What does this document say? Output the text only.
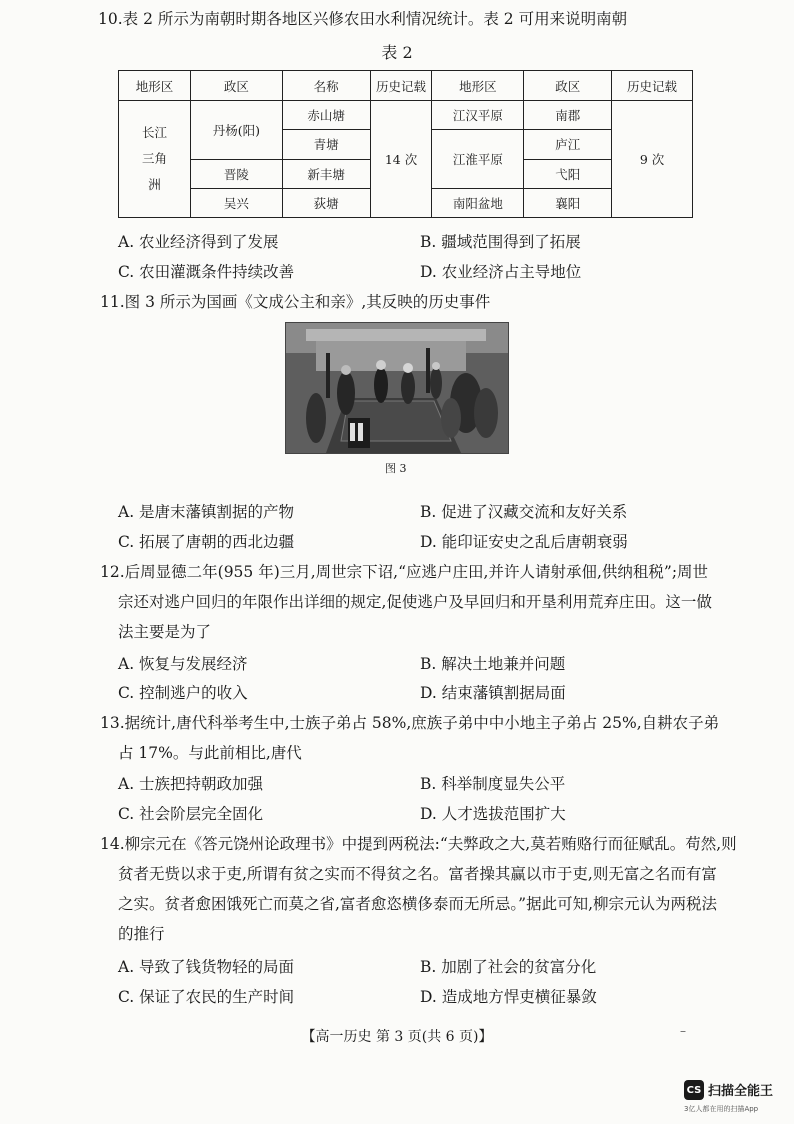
10.表 2 所示为南朝时期各地区兴修农田水利情况统计。表 2 可用来说明南朝
表 2
地形区	政区	名称	历史记载	地形区	政区	历史记载
长江三角洲	丹杨(阳)	赤山塘	14 次	江汉平原	南郡	9 次
		青塘		江淮平原	庐江	
	晋陵	新丰塘			弋阳	
	吴兴	荻塘		南阳盆地	襄阳	
A. 农业经济得到了发展	B. 疆域范围得到了拓展
C. 农田灌溉条件持续改善	D. 农业经济占主导地位
11.图 3 所示为国画《文成公主和亲》,其反映的历史事件
图 3
A. 是唐末藩镇割据的产物	B. 促进了汉藏交流和友好关系
C. 拓展了唐朝的西北边疆	D. 能印证安史之乱后唐朝衰弱
12.后周显德二年(955 年)三月,周世宗下诏,“应逃户庄田,并许人请射承佃,供纳租税”;周世
宗还对逃户回归的年限作出详细的规定,促使逃户及早回归和开垦利用荒弃庄田。这一做
法主要是为了
A. 恢复与发展经济	B. 解决土地兼并问题
C. 控制逃户的收入	D. 结束藩镇割据局面
13.据统计,唐代科举考生中,士族子弟占 58%,庶族子弟中中小地主子弟占 25%,自耕农子弟
占 17%。与此前相比,唐代
A. 士族把持朝政加强	B. 科举制度显失公平
C. 社会阶层完全固化	D. 人才选拔范围扩大
14.柳宗元在《答元饶州论政理书》中提到两税法:“夫弊政之大,莫若贿赂行而征赋乱。苟然,则
贫者无赀以求于吏,所谓有贫之实而不得贫之名。富者操其赢以市于吏,则无富之名而有富
之实。贫者愈困饿死亡而莫之省,富者愈恣横侈泰而无所忌。”据此可知,柳宗元认为两税法
的推行
A. 导致了钱货物轻的局面	B. 加剧了社会的贫富分化
C. 保证了农民的生产时间	D. 造成地方悍吏横征暴敛
【高一历史 第 3 页(共 6 页)】	–
CS 扫描全能王
3亿人都在用的扫描App
